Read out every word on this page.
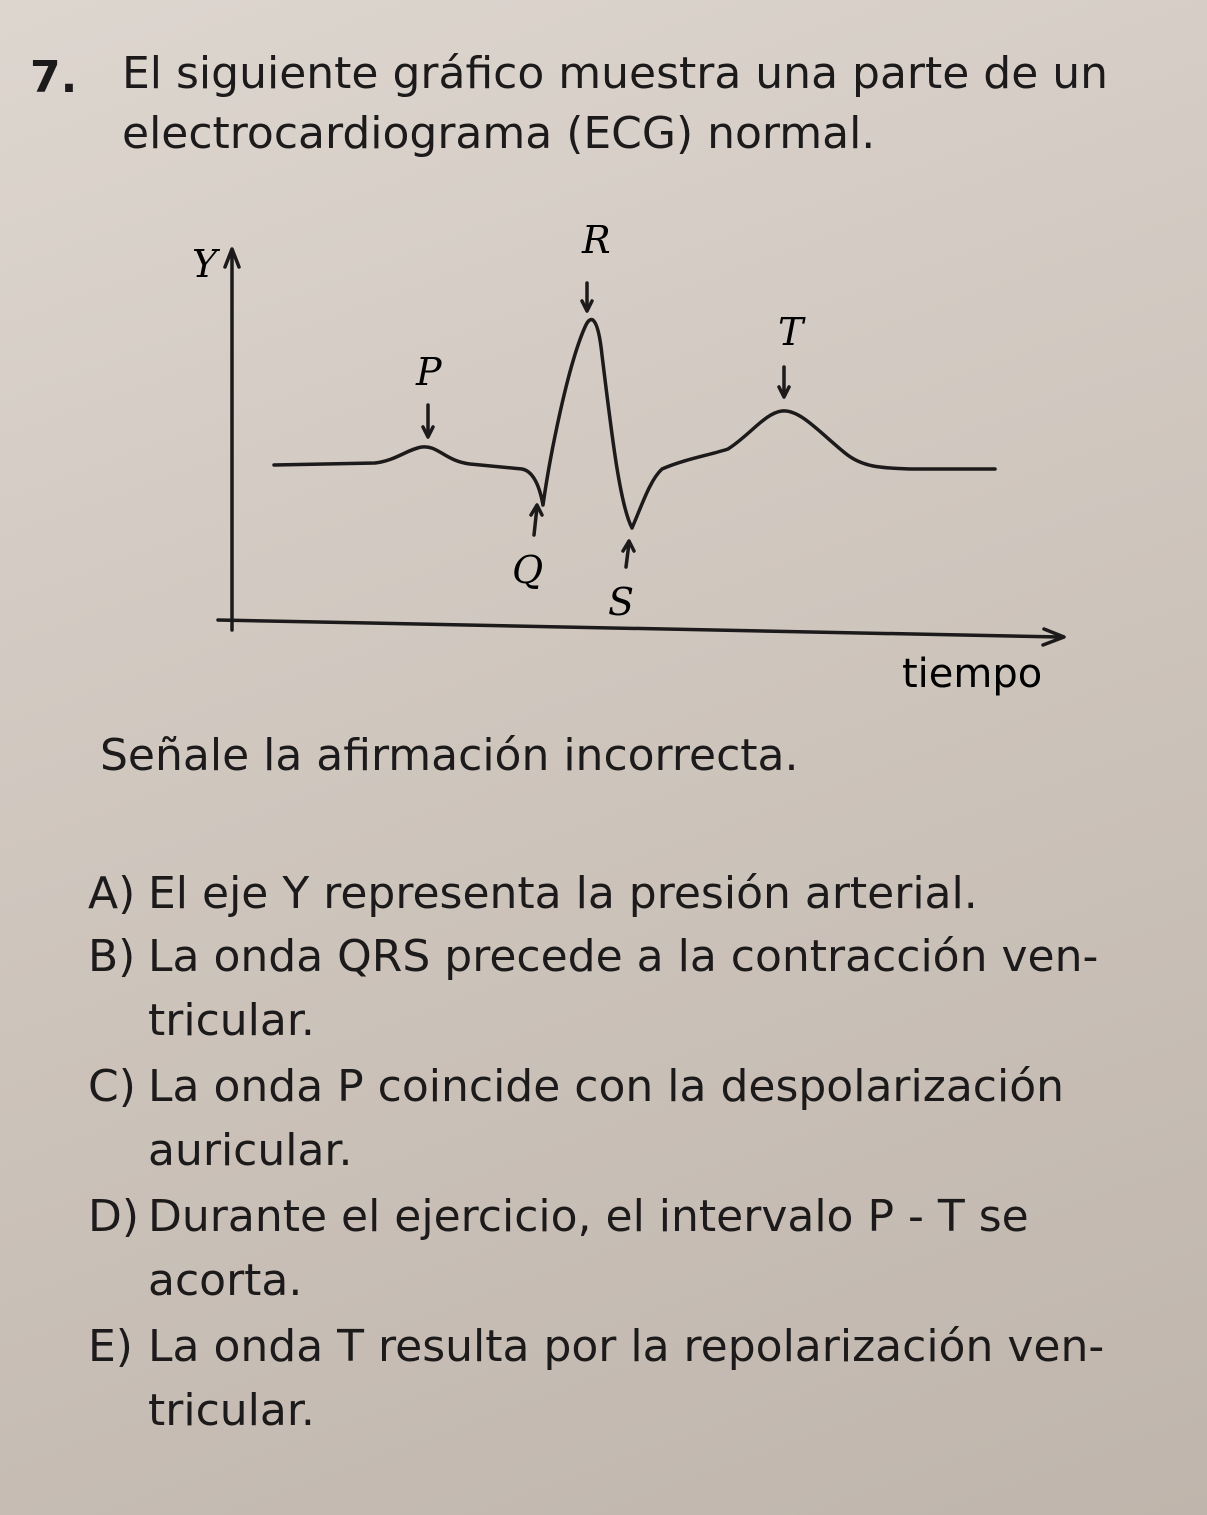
7. El siguiente gráfico muestra una parte de un
electrocardiograma (ECG) normal.
Y
R
T
P
Q
S
tiempo
Señale la afirmación incorrecta.
A) El eje Y representa la presión arterial.
B) La onda QRS precede a la contracción ven-
tricular.
C) La onda P coincide con la despolarización
auricular.
D) Durante el ejercicio, el intervalo P - T se
acorta.
E) La onda T resulta por la repolarización ven-
tricular.
